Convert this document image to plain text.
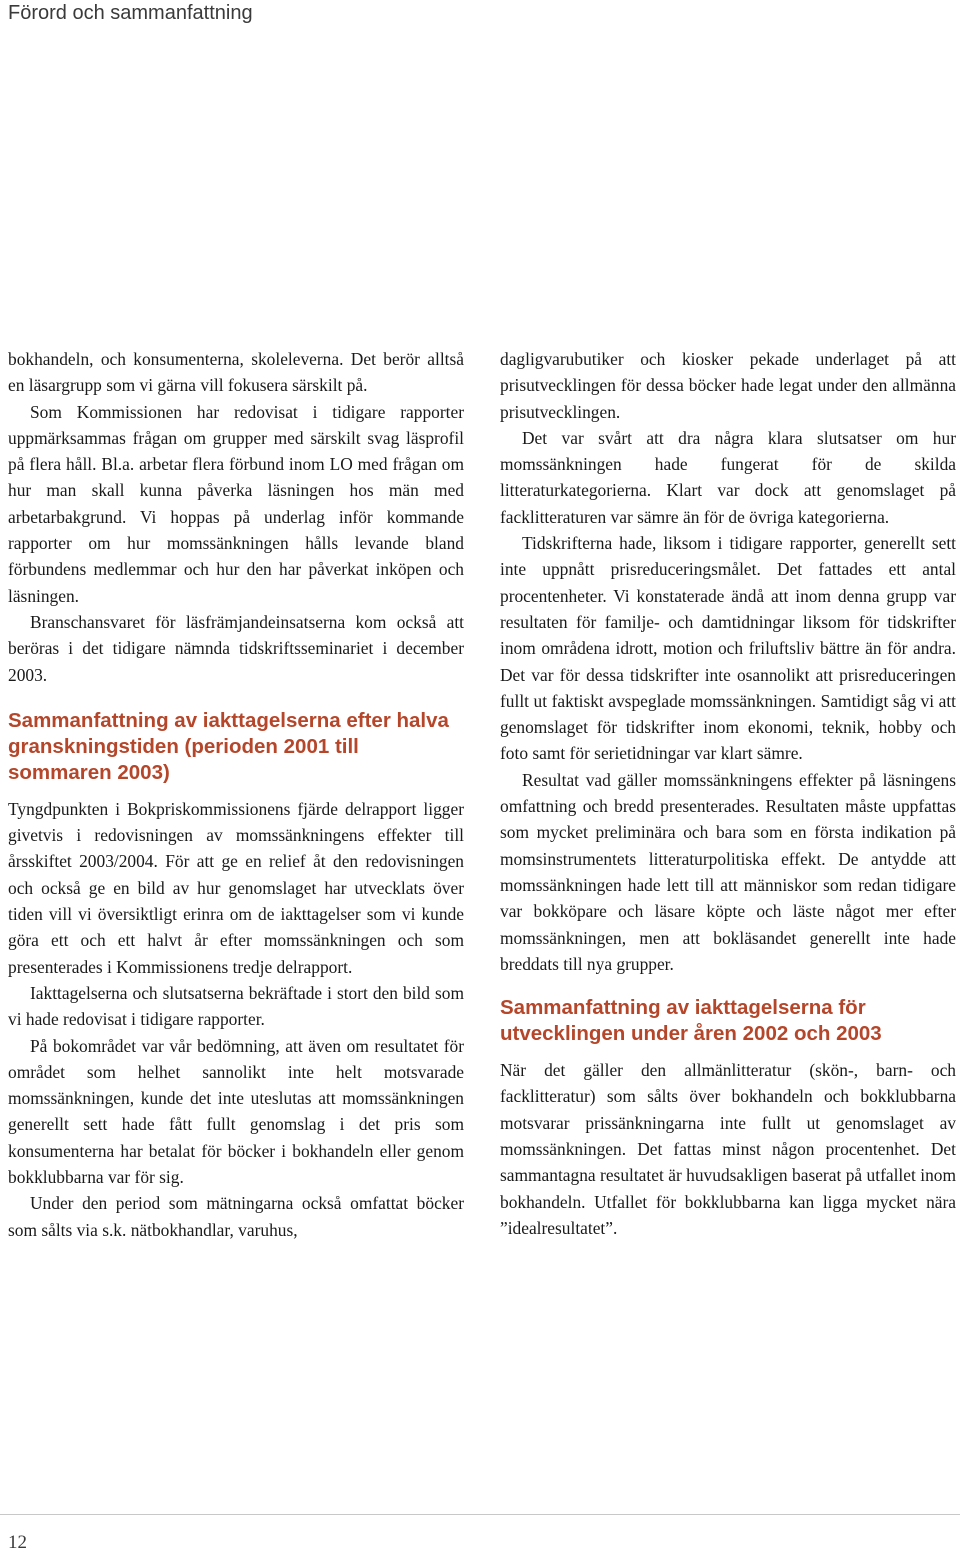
Förord och sammanfattning

bokhandeln, och konsumenterna, skoleleverna. Det berör alltså en läsargrupp som vi gärna vill fokusera särskilt på.

Som Kommissionen har redovisat i tidigare rapporter uppmärksammas frågan om grupper med särskilt svag läsprofil på flera håll. Bl.a. arbetar flera förbund inom LO med frågan om hur man skall kunna påverka läsningen hos män med arbetarbakgrund. Vi hoppas på underlag inför kommande rapporter om hur momssänkningen hålls levande bland förbundens medlemmar och hur den har påverkat inköpen och läsningen.

Branschansvaret för läsfrämjandeinsatserna kom också att beröras i det tidigare nämnda tidskriftsseminariet i december 2003.

Sammanfattning av iakttagelserna efter halva granskningstiden (perioden 2001 till sommaren 2003)

Tyngdpunkten i Bokpriskommissionens fjärde delrapport ligger givetvis i redovisningen av momssänkningens effekter till årsskiftet 2003/2004. För att ge en relief åt den redovisningen och också ge en bild av hur genomslaget har utvecklats över tiden vill vi översiktligt erinra om de iakttagelser som vi kunde göra ett och ett halvt år efter momssänkningen och som presenterades i Kommissionens tredje delrapport.

Iakttagelserna och slutsatserna bekräftade i stort den bild som vi hade redovisat i tidigare rapporter.

På bokområdet var vår bedömning, att även om resultatet för området som helhet sannolikt inte helt motsvarade momssänkningen, kunde det inte uteslutas att momssänkningen generellt sett hade fått fullt genomslag i det pris som konsumenterna har betalat för böcker i bokhandeln eller genom bokklubbarna var för sig.

Under den period som mätningarna också omfattat böcker som sålts via s.k. nätbokhandlar, varuhus,

dagligvarubutiker och kiosker pekade underlaget på att prisutvecklingen för dessa böcker hade legat under den allmänna prisutvecklingen.

Det var svårt att dra några klara slutsatser om hur momssänkningen hade fungerat för de skilda litteraturkategorierna. Klart var dock att genomslaget på facklitteraturen var sämre än för de övriga kategorierna.

Tidskrifterna hade, liksom i tidigare rapporter, generellt sett inte uppnått prisreduceringsmålet. Det fattades ett antal procentenheter. Vi konstaterade ändå att inom denna grupp var resultaten för familje- och damtidningar liksom för tidskrifter inom områdena idrott, motion och friluftsliv bättre än för andra. Det var för dessa tidskrifter inte osannolikt att prisreduceringen fullt ut faktiskt avspeglade momssänkningen. Samtidigt såg vi att genomslaget för tidskrifter inom ekonomi, teknik, hobby och foto samt för serietidningar var klart sämre.

Resultat vad gäller momssänkningens effekter på läsningens omfattning och bredd presenterades. Resultaten måste uppfattas som mycket preliminära och bara som en första indikation på momsinstrumentets litteraturpolitiska effekt. De antydde att momssänkningen hade lett till att människor som redan tidigare var bokköpare och läsare köpte och läste något mer efter momssänkningen, men att bokläsandet generellt inte hade breddats till nya grupper.

Sammanfattning av iakttagelserna för utvecklingen under åren 2002 och 2003

När det gäller den allmänlitteratur (skön-, barn- och facklitteratur) som sålts över bokhandeln och bokklubbarna motsvarar prissänkningarna inte fullt ut genomslaget av momssänkningen. Det fattas minst någon procentenhet. Det sammantagna resultatet är huvudsakligen baserat på utfallet inom bokhandeln. Utfallet för bokklubbarna kan ligga mycket nära ”idealresultatet”.

12
